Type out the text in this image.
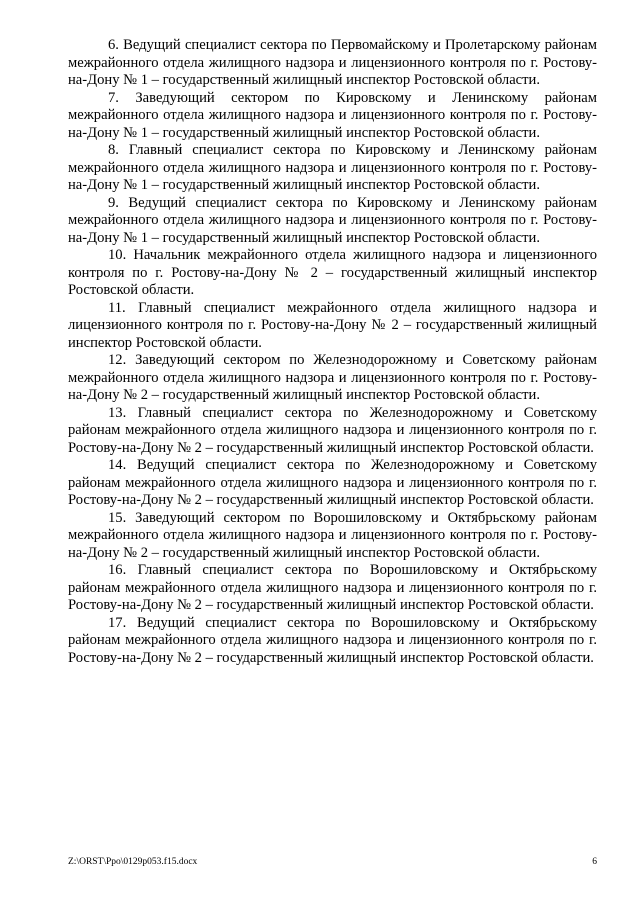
6. Ведущий специалист сектора по Первомайскому и Пролетарскому районам межрайонного отдела жилищного надзора и лицензионного контроля по г. Ростову-на-Дону № 1 – государственный жилищный инспектор Ростовской области.

7. Заведующий сектором по Кировскому и Ленинскому районам межрайонного отдела жилищного надзора и лицензионного контроля по г. Ростову-на-Дону № 1 – государственный жилищный инспектор Ростовской области.

8. Главный специалист сектора по Кировскому и Ленинскому районам межрайонного отдела жилищного надзора и лицензионного контроля по г. Ростову-на-Дону № 1 – государственный жилищный инспектор Ростовской области.

9. Ведущий специалист сектора по Кировскому и Ленинскому районам межрайонного отдела жилищного надзора и лицензионного контроля по г. Ростову-на-Дону № 1 – государственный жилищный инспектор Ростовской области.

10. Начальник межрайонного отдела жилищного надзора и лицензионного контроля по г. Ростову-на-Дону № 2 – государственный жилищный инспектор Ростовской области.

11. Главный специалист межрайонного отдела жилищного надзора и лицензионного контроля по г. Ростову-на-Дону № 2 – государственный жилищный инспектор Ростовской области.

12. Заведующий сектором по Железнодорожному и Советскому районам межрайонного отдела жилищного надзора и лицензионного контроля по г. Ростову-на-Дону № 2 – государственный жилищный инспектор Ростовской области.

13. Главный специалист сектора по Железнодорожному и Советскому районам межрайонного отдела жилищного надзора и лицензионного контроля по г. Ростову-на-Дону № 2 – государственный жилищный инспектор Ростовской области.

14. Ведущий специалист сектора по Железнодорожному и Советскому районам межрайонного отдела жилищного надзора и лицензионного контроля по г. Ростову-на-Дону № 2 – государственный жилищный инспектор Ростовской области.

15. Заведующий сектором по Ворошиловскому и Октябрьскому районам межрайонного отдела жилищного надзора и лицензионного контроля по г. Ростову-на-Дону № 2 – государственный жилищный инспектор Ростовской области.

16. Главный специалист сектора по Ворошиловскому и Октябрьскому районам межрайонного отдела жилищного надзора и лицензионного контроля по г. Ростову-на-Дону № 2 – государственный жилищный инспектор Ростовской области.

17. Ведущий специалист сектора по Ворошиловскому и Октябрьскому районам межрайонного отдела жилищного надзора и лицензионного контроля по г. Ростову-на-Дону № 2 – государственный жилищный инспектор Ростовской области.

Z:\ORST\Ppo\0129p053.f15.docx	6
